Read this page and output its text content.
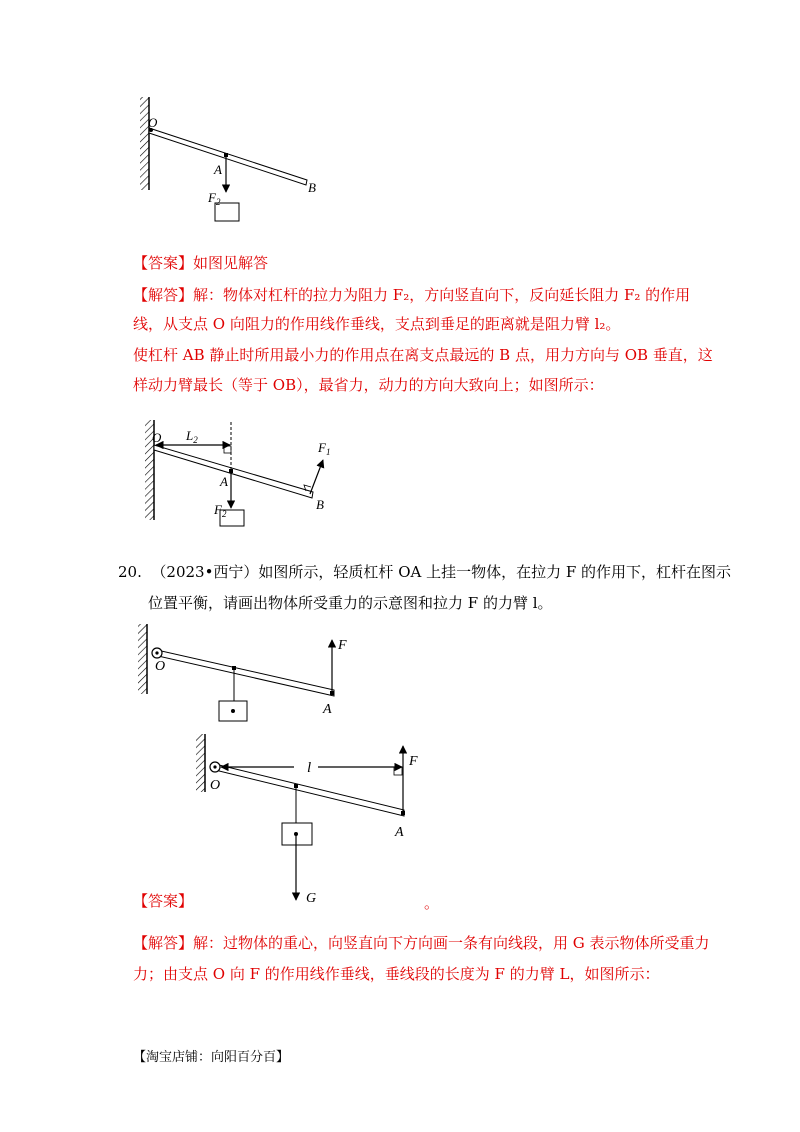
O
A
B
$F_2$
【答案】如图见解答
【解答】解：物体对杠杆的拉力为阻力 F₂，方向竖直向下，反向延长阻力 F₂ 的作用
线，从支点 O 向阻力的作用线作垂线，支点到垂足的距离就是阻力臂 l₂。
使杠杆 AB 静止时所用最小力的作用点在离支点最远的 B 点，用力方向与 OB 垂直，这
样动力臂最长（等于 OB），最省力，动力的方向大致向上；如图所示：
O $L_2$
A
B
$F_1$
$F_2$
20. （2023•西宁）如图所示，轻质杠杆 OA 上挂一物体，在拉力 F 的作用下，杠杆在图示
位置平衡，请画出物体所受重力的示意图和拉力 F 的力臂 l。
O
A
F
l	F
O
A
G
【答案】	。
【解答】解：过物体的重心，向竖直向下方向画一条有向线段，用 G 表示物体所受重力
力；由支点 O 向 F 的作用线作垂线，垂线段的长度为 F 的力臂 L，如图所示：
【淘宝店铺：向阳百分百】
